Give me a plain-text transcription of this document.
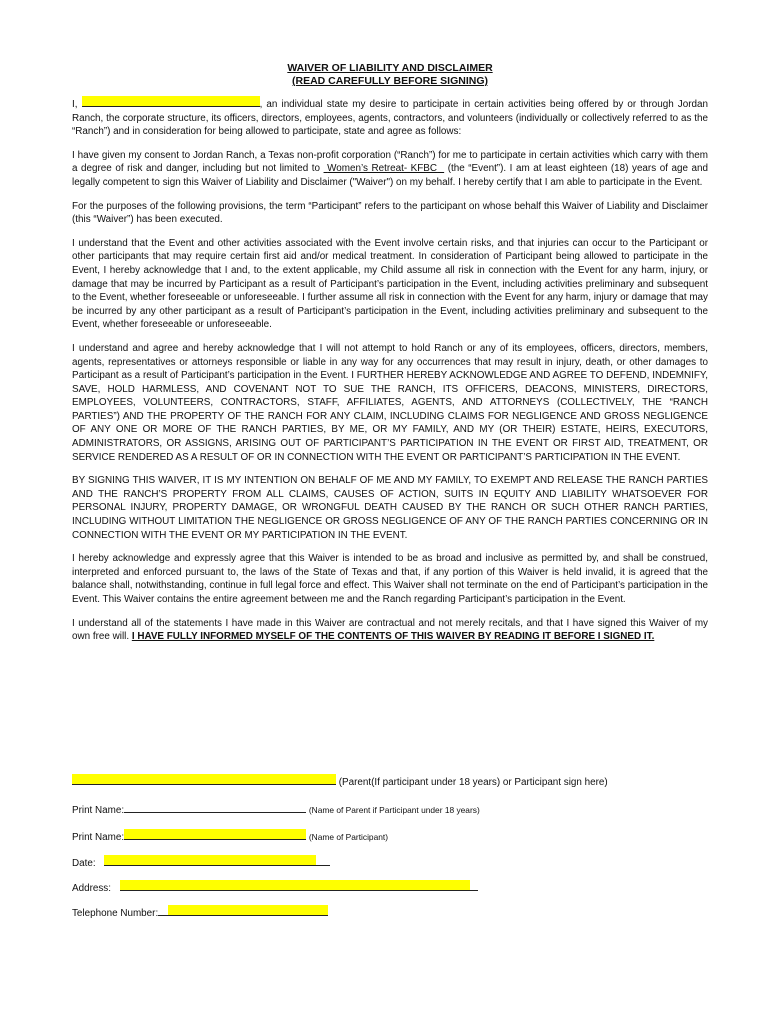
WAIVER OF LIABILITY AND DISCLAIMER
(READ CAREFULLY BEFORE SIGNING)

I,	, an individual state my desire to participate in certain activities being offered by or through Jordan Ranch, the corporate structure, its officers, directors, employees, agents, contractors, and volunteers (individually or collectively referred to as the “Ranch”) and in consideration for being allowed to participate, state and agree as follows:

I have given my consent to Jordan Ranch, a Texas non-profit corporation (“Ranch”) for me to participate in certain activities which carry with them a degree of risk and danger, including but not limited to Women’s Retreat- KFBC (the “Event”). I am at least eighteen (18) years of age and legally competent to sign this Waiver of Liability and Disclaimer ("Waiver") on my behalf. I hereby certify that I am able to participate in the Event.

For the purposes of the following provisions, the term “Participant” refers to the participant on whose behalf this Waiver of Liability and Disclaimer (this “Waiver”) has been executed.

I understand that the Event and other activities associated with the Event involve certain risks, and that injuries can occur to the Participant or other participants that may require certain first aid and/or medical treatment. In consideration of Participant being allowed to participate in the Event, I hereby acknowledge that I and, to the extent applicable, my Child assume all risk in connection with the Event for any harm, injury, or damage that may be incurred by Participant as a result of Participant’s participation in the Event, including activities preliminary and subsequent to the Event, whether foreseeable or unforeseeable. I further assume all risk in connection with the Event for any harm, injury or damage that may be incurred by any other participant as a result of Participant’s participation in the Event, including activities preliminary and subsequent to the Event, whether foreseeable or unforeseeable.

I understand and agree and hereby acknowledge that I will not attempt to hold Ranch or any of its employees, officers, directors, members, agents, representatives or attorneys responsible or liable in any way for any occurrences that may result in injury, death, or other damages to Participant as a result of Participant’s participation in the Event. I FURTHER HEREBY ACKNOWLEDGE AND AGREE TO DEFEND, INDEMNIFY, SAVE, HOLD HARMLESS, AND COVENANT NOT TO SUE THE RANCH, ITS OFFICERS, DEACONS, MINISTERS, DIRECTORS, EMPLOYEES, VOLUNTEERS, CONTRACTORS, STAFF, AFFILIATES, AGENTS, AND ATTORNEYS (COLLECTIVELY, THE “RANCH PARTIES”) AND THE PROPERTY OF THE RANCH FOR ANY CLAIM, INCLUDING CLAIMS FOR NEGLIGENCE AND GROSS NEGLIGENCE OF ANY ONE OR MORE OF THE RANCH PARTIES, BY ME, OR MY FAMILY, AND MY (OR THEIR) ESTATE, HEIRS, EXECUTORS, ADMINISTRATORS, OR ASSIGNS, ARISING OUT OF PARTICIPANT’S PARTICIPATION IN THE EVENT OR FIRST AID, TREATMENT, OR SERVICE RENDERED AS A RESULT OF OR IN CONNECTION WITH THE EVENT OR PARTICIPANT’S PARTICIPATION IN THE EVENT.

BY SIGNING THIS WAIVER, IT IS MY INTENTION ON BEHALF OF ME AND MY FAMILY, TO EXEMPT AND RELEASE THE RANCH PARTIES AND THE RANCH’S PROPERTY FROM ALL CLAIMS, CAUSES OF ACTION, SUITS IN EQUITY AND LIABILITY WHATSOEVER FOR PERSONAL INJURY, PROPERTY DAMAGE, OR WRONGFUL DEATH CAUSED BY THE RANCH OR SUCH OTHER RANCH PARTIES, INCLUDING WITHOUT LIMITATION THE NEGLIGENCE OR GROSS NEGLIGENCE OF ANY OF THE RANCH PARTIES CONCERNING OR IN CONNECTION WITH THE EVENT OR MY PARTICIPATION IN THE EVENT.

I hereby acknowledge and expressly agree that this Waiver is intended to be as broad and inclusive as permitted by, and shall be construed, interpreted and enforced pursuant to, the laws of the State of Texas and that, if any portion of this Waiver is held invalid, it is agreed that the balance shall, notwithstanding, continue in full legal force and effect. This Waiver shall not terminate on the end of Participant’s participation in the Event. This Waiver contains the entire agreement between me and the Ranch regarding Participant’s participation in the Event.

I understand all of the statements I have made in this Waiver are contractual and not merely recitals, and that I have signed this Waiver of my own free will. I HAVE FULLY INFORMED MYSELF OF THE CONTENTS OF THIS WAIVER BY READING IT BEFORE I SIGNED IT.

(Parent(If participant under 18 years) or Participant sign here)
Print Name:	(Name of Parent if Participant under 18 years)
Print Name:	(Name of Participant)
Date:
Address:
Telephone Number:
